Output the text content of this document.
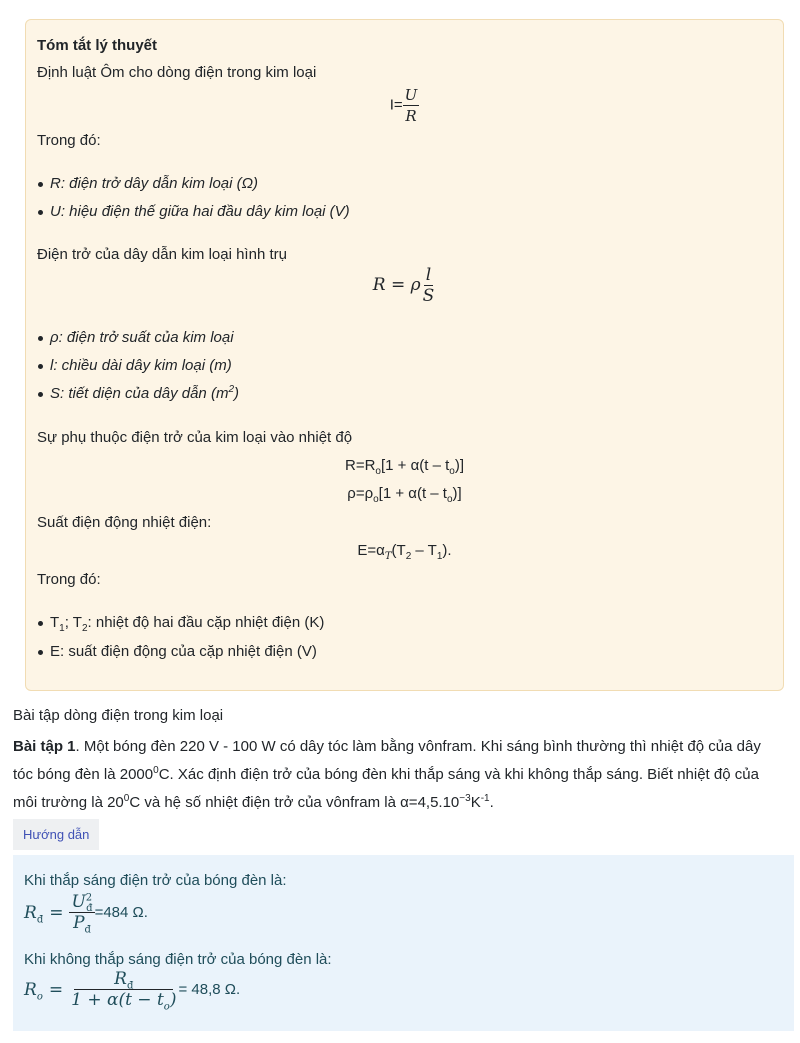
Tóm tắt lý thuyết
Định luật Ôm cho dòng điện trong kim loại
$I= \frac{U}{R}$
Trong đó:
R: điện trở dây dẫn kim loại (Ω)
U: hiệu điện thế giữa hai đầu dây kim loại (V)
Điện trở của dây dẫn kim loại hình trụ
R = ρ $\frac{l}{S}$
ρ: điện trở suất của kim loại
l: chiều dài dây kim loại (m)
S: tiết diện của dây dẫn $(m^2)$
Sự phụ thuộc điện trở của kim loại vào nhiệt độ
$R=R_o[1 + \alpha(t - t_o)]$
$\rho=\rho_o[1 + \alpha(t - t_o)]$
Suất điện động nhiệt điện:
$E=\alpha_T(T_2 - T_1)$.
Trong đó:
$T_1$; $T_2$: nhiệt độ hai đầu cặp nhiệt điện (K)
E: suất điện động của cặp nhiệt điện (V)
Bài tập dòng điện trong kim loại
Bài tập 1. Một bóng đèn 220 V - 100 W có dây tóc làm bằng vônfram. Khi sáng bình thường thì nhiệt độ của dây tóc bóng đèn là 2000$^0$C. Xác định điện trở của bóng đèn khi thắp sáng và khi không thắp sáng. Biết nhiệt độ của môi trường là $20^0C$ và hệ số nhiệt điện trở của vônfram là $\alpha=4,5.10^{-3}K^{-1}$.
Hướng dẫn
Khi thắp sáng điện trở của bóng đèn là:
$R_đ = \frac{U^2_đ}{P_đ} =484$ Ω.
Khi không thắp sáng điện trở của bóng đèn là:
$R_o = \frac{R_đ}{1 + \alpha(t - t_o)} = 48,8$ Ω.
